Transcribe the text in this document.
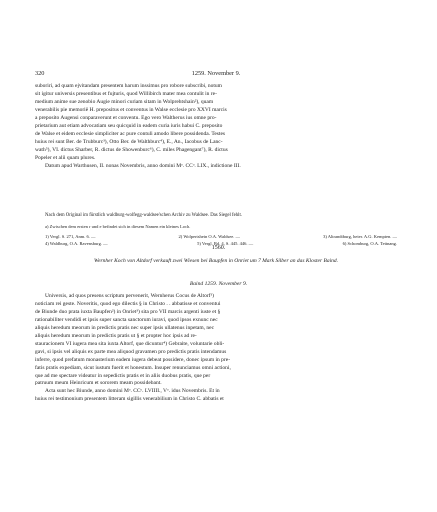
320	1259. November 9.

suboriri, ad quam ejvitandam presentem harum inssimus pro robore subscribi, notum

sit igitur universis presentibus et fujturis, quod Willibirch mater mea contulit in re-

medium anime sue zenobio Augie minori curiam sitam in Wolprehtshain²), quam

venerabilis pie memoriê H. prepositus et conventus in Walse ecclesie pro XXVI marcis

a preposito Augensi conparaverunt et conventu. Ego vero Waltherus ius omne pro-

prietarium aut etiam advocatiam seu quicquid in eadem curia iuris habui C. preposito

de Walse et eidem ecclesie simpliciter ac pure contuli amodo libere possidenda. Testes

huius rei sunt Ber. de Trubburc³), Otto Ber. de Walthburc⁴), E., An., Iacobus de Lanc-

wath⁵), VI. dictus Sharber, R. dictus de Showenburc⁶), C. miles Phagengant⁷), R. dictus

Popeler et alii quam plures.

Datum apud Warthusen, II. nonas Novembris, anno domini Mᵒ. CCᵒ. LIX., indictione III.

Nach dem Original im fürstlich waldburg-wolfegg-waldsee'schen Archiv zu Waldsee. Das Siegel fehlt.

a) Zwischen dem ersten r und e befindet sich in diesem Namen ein kleines Loch.

1) Vergl. S. 271, Anm. 6. —	2) Wolpertshein O.A. Waldsee. —	3) Altrandtburg, heier. A.G. Kempten. —
4) Waldburg, O.A. Ravensburg. —	5) Vergl. Bd. 4, S. 445. 446. —	6) Schomburg, O.A. Tettnang.
1560.
Wernher Koch von Altdorf verkauft zwei Wiesen bei Baupfen in Onriet um 7 Mark Silber an das Kloster Baind.
Baind 1259. November 9.

Universis, ad quos presens scriptum pervenerit, Wernherus Cocus de Altorf¹)

noticiam rei geste. Noveritis, quod ego dilectis § in Christo . . abbatisse et conventui

de Biunde duo prata iuxta Baupfen²) in Onriet³) sita pro VII marcis argenti iuste et §

rationabiliter vendidi et ipsis super sancta sanctorum iuravi, quod ipsos exnunc nec

aliquis heredum meorum in predictis pratis nec super ipsis ullatenus inpetam, nec

aliquis heredum meorum in predictis pratis ut § et propter hoc ipsis ad re-

stauracionem VI iugera mea sita iuxta Altorf, que dicuntur⁴) Gebraite, voluntarie obli-

gavi, si ipsis vel aliquis ex parte mea aliquod gravamen pro predictis pratis intendamus

inferre, quod prefatum monasterium eadem iugera debeat possidere, donec ipsum in pre-

fatis pratis expediam, sicut iustum fuerit et honestum. Insuper renunciamus omni actioni,

que ad me spectare videatur in sepedictis pratis et in aliis duobus pratis, que per

patruum meum Heinricum et sororem meam possidebant.

Acta sunt hec Biunde, anno domini Mᵒ. CCᵒ. LVIIII., Vᵒ. idus Novembris. Et in

huius rei testimonium presentem litteram sigillis venerabilium in Christo C. abbatis et
